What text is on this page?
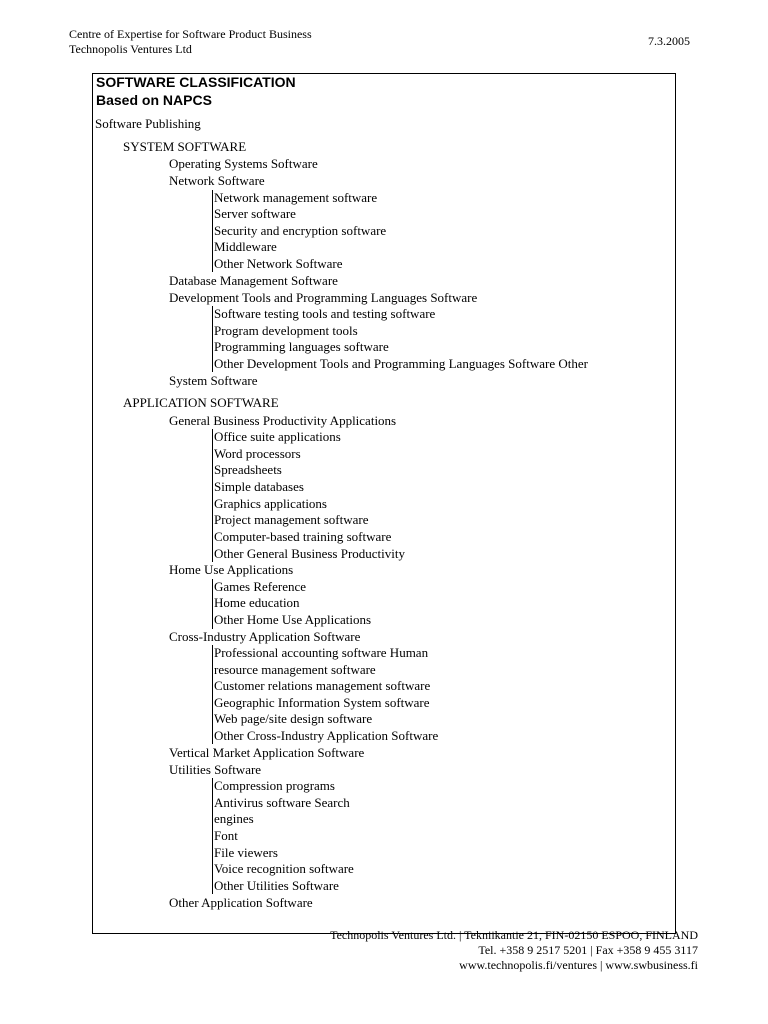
Centre of Expertise for Software Product Business
Technopolis Ventures Ltd
7.3.2005
SOFTWARE CLASSIFICATION
Based on NAPCS
Software Publishing
SYSTEM SOFTWARE
Operating Systems Software
Network Software
Network management software
Server software
Security and encryption software
Middleware
Other Network Software
Database Management Software
Development Tools and Programming Languages Software
Software testing tools and testing software
Program development tools
Programming languages software
Other Development Tools and Programming Languages Software Other
System Software
APPLICATION SOFTWARE
General Business Productivity Applications
Office suite applications
Word processors
Spreadsheets
Simple databases
Graphics applications
Project management software
Computer-based training software
Other General Business Productivity
Home Use Applications
Games Reference
Home education
Other Home Use Applications
Cross-Industry Application Software
Professional accounting software Human
resource management software
Customer relations management software
Geographic Information System software
Web page/site design software
Other Cross-Industry Application Software
Vertical Market Application Software
Utilities Software
Compression programs
Antivirus software Search
engines
Font
File viewers
Voice recognition software
Other Utilities Software
Other Application Software
Technopolis Ventures Ltd. | Tekniikantie 21, FIN-02150 ESPOO, FINLAND
Tel. +358 9 2517 5201 | Fax +358 9 455 3117
www.technopolis.fi/ventures | www.swbusiness.fi
